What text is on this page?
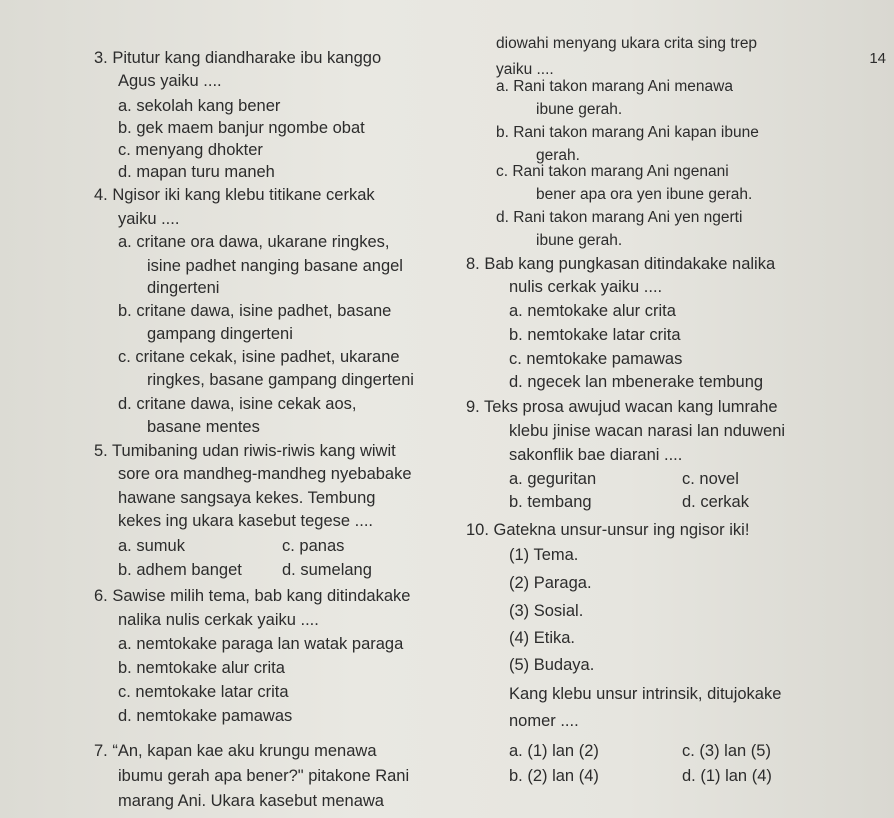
14
3. Pitutur kang diandharake ibu kanggo
Agus yaiku ....
a. sekolah kang bener
b. gek maem banjur ngombe obat
c. menyang dhokter
d. mapan turu maneh
4. Ngisor iki kang klebu titikane cerkak
yaiku ....
a. critane ora dawa, ukarane ringkes,
isine padhet nanging basane angel
dingerteni
b. critane dawa, isine padhet, basane
gampang dingerteni
c. critane cekak, isine padhet, ukarane
ringkes, basane gampang dingerteni
d. critane dawa, isine cekak aos,
basane mentes
5. Tumibaning udan riwis-riwis kang wiwit
sore ora mandheg-mandheg nyebabake
hawane sangsaya kekes. Tembung
kekes ing ukara kasebut tegese ....
a. sumuk	c. panas
b. adhem banget d. sumelang
6. Sawise milih tema, bab kang ditindakake
nalika nulis cerkak yaiku ....
a. nemtokake paraga lan watak paraga
b. nemtokake alur crita
c. nemtokake latar crita
d. nemtokake pamawas
7. “An, kapan kae aku krungu menawa
ibumu gerah apa bener?" pitakone Rani
marang Ani. Ukara kasebut menawa
diowahi menyang ukara crita sing trep
yaiku ....
a. Rani takon marang Ani menawa
ibune gerah.
b. Rani takon marang Ani kapan ibune
gerah.
c. Rani takon marang Ani ngenani
bener apa ora yen ibune gerah.
d. Rani takon marang Ani yen ngerti
ibune gerah.
8. Bab kang pungkasan ditindakake nalika
nulis cerkak yaiku ....
a. nemtokake alur crita
b. nemtokake latar crita
c. nemtokake pamawas
d. ngecek lan mbenerake tembung
9. Teks prosa awujud wacan kang lumrahe
klebu jinise wacan narasi lan nduweni
sakonflik bae diarani ....
a. geguritan	c. novel
b. tembang	d. cerkak
10. Gatekna unsur-unsur ing ngisor iki!
(1) Tema.
(2) Paraga.
(3) Sosial.
(4) Etika.
(5) Budaya.
Kang klebu unsur intrinsik, ditujokake
nomer ....
a. (1) lan (2)	c. (3) lan (5)
b. (2) lan (4)	d. (1) lan (4)
